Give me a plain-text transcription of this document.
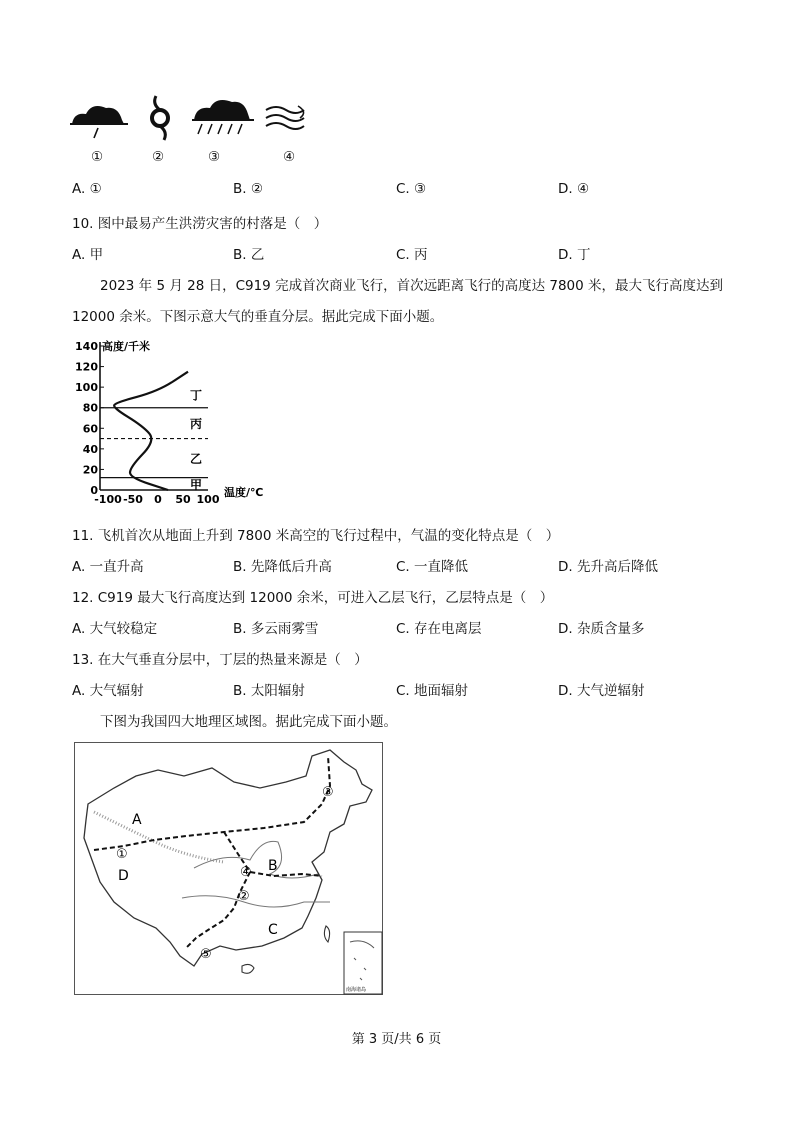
①	②	③	④
A. ①	B. ②	C. ③	D. ④
10. 图中最易产生洪涝灾害的村落是（　）
A. 甲	B. 乙	C. 丙	D. 丁
2023 年 5 月 28 日，C919 完成首次商业飞行，首次远距离飞行的高度达 7800 米，最大飞行高度达到
12000 余米。下图示意大气的垂直分层。据此完成下面小题。
140
120
100
80
60
40
20
0
-100 -50 0 50 100
高度/千米
温度/℃
甲
乙
丙
丁
11. 飞机首次从地面上升到 7800 米高空的飞行过程中，气温的变化特点是（　）
A. 一直升高	B. 先降低后升高	C. 一直降低	D. 先升高后降低
12. C919 最大飞行高度达到 12000 余米，可进入乙层飞行，乙层特点是（　）
A. 大气较稳定	B. 多云雨雾雪	C. 存在电离层	D. 杂质含量多
13. 在大气垂直分层中，丁层的热量来源是（　）
A. 大气辐射	B. 太阳辐射	C. 地面辐射	D. 大气逆辐射
下图为我国四大地理区域图。据此完成下面小题。
南海诸岛
A
B
C
D
①
②
③
④
⑤
第 3 页/共 6 页
